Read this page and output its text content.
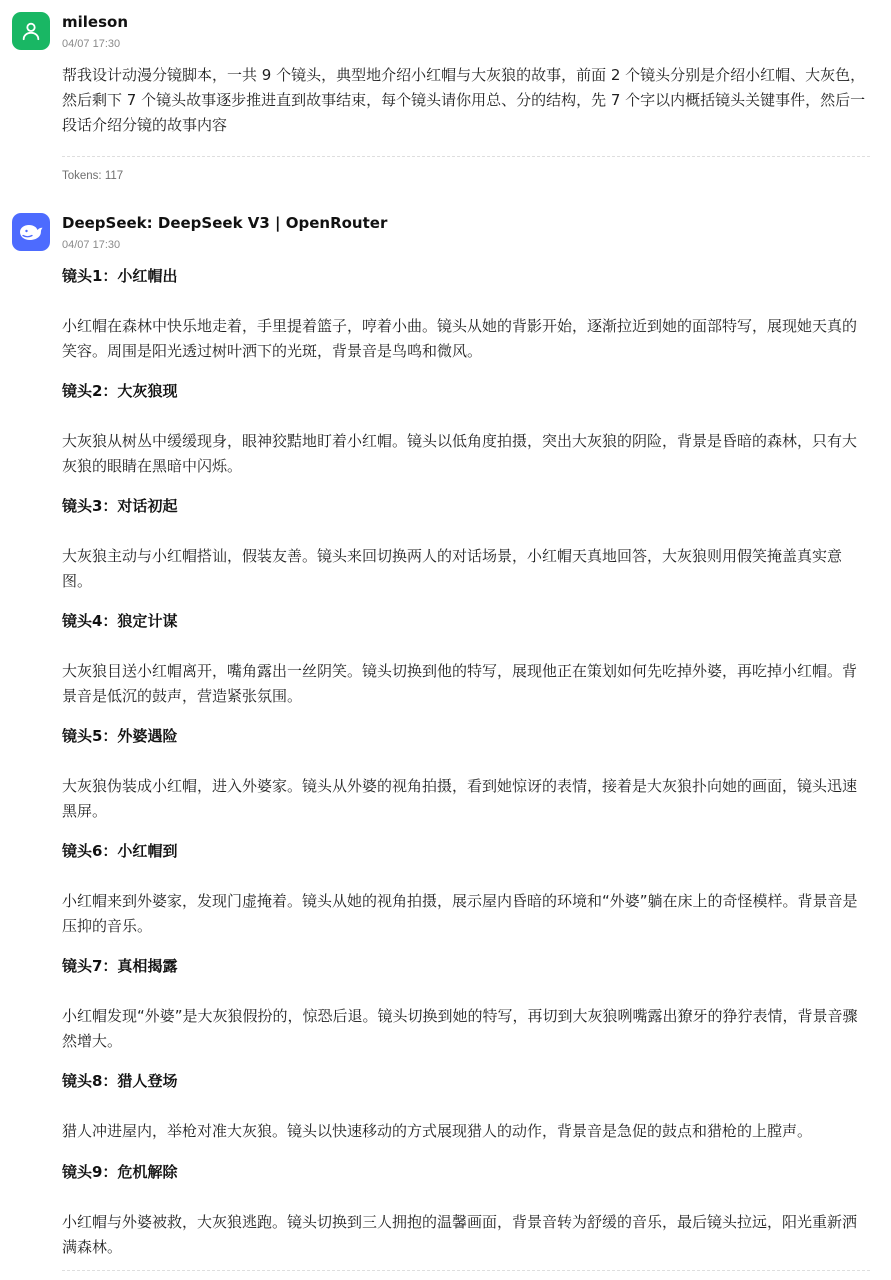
mileson
04/07 17:30
帮我设计动漫分镜脚本，一共 9 个镜头，典型地介绍小红帽与大灰狼的故事，前面 2 个镜头分别是介绍小红帽、大灰色，然后剩下 7 个镜头故事逐步推进直到故事结束，每个镜头请你用总、分的结构，先 7 个字以内概括镜头关键事件，然后一段话介绍分镜的故事内容
Tokens: 117
DeepSeek: DeepSeek V3 | OpenRouter
04/07 17:30
镜头1：小红帽出
小红帽在森林中快乐地走着，手里提着篮子，哼着小曲。镜头从她的背影开始，逐渐拉近到她的面部特写，展现她天真的笑容。周围是阳光透过树叶洒下的光斑，背景音是鸟鸣和微风。
镜头2：大灰狼现
大灰狼从树丛中缓缓现身，眼神狡黠地盯着小红帽。镜头以低角度拍摄，突出大灰狼的阴险，背景是昏暗的森林，只有大灰狼的眼睛在黑暗中闪烁。
镜头3：对话初起
大灰狼主动与小红帽搭讪，假装友善。镜头来回切换两人的对话场景，小红帽天真地回答，大灰狼则用假笑掩盖真实意图。
镜头4：狼定计谋
大灰狼目送小红帽离开，嘴角露出一丝阴笑。镜头切换到他的特写，展现他正在策划如何先吃掉外婆，再吃掉小红帽。背景音是低沉的鼓声，营造紧张氛围。
镜头5：外婆遇险
大灰狼伪装成小红帽，进入外婆家。镜头从外婆的视角拍摄，看到她惊讶的表情，接着是大灰狼扑向她的画面，镜头迅速黑屏。
镜头6：小红帽到
小红帽来到外婆家，发现门虚掩着。镜头从她的视角拍摄，展示屋内昏暗的环境和“外婆”躺在床上的奇怪模样。背景音是压抑的音乐。
镜头7：真相揭露
小红帽发现“外婆”是大灰狼假扮的，惊恐后退。镜头切换到她的特写，再切到大灰狼咧嘴露出獠牙的狰狞表情，背景音骤然增大。
镜头8：猎人登场
猎人冲进屋内，举枪对准大灰狼。镜头以快速移动的方式展现猎人的动作，背景音是急促的鼓点和猎枪的上膛声。
镜头9：危机解除
小红帽与外婆被救，大灰狼逃跑。镜头切换到三人拥抱的温馨画面，背景音转为舒缓的音乐，最后镜头拉远，阳光重新洒满森林。
